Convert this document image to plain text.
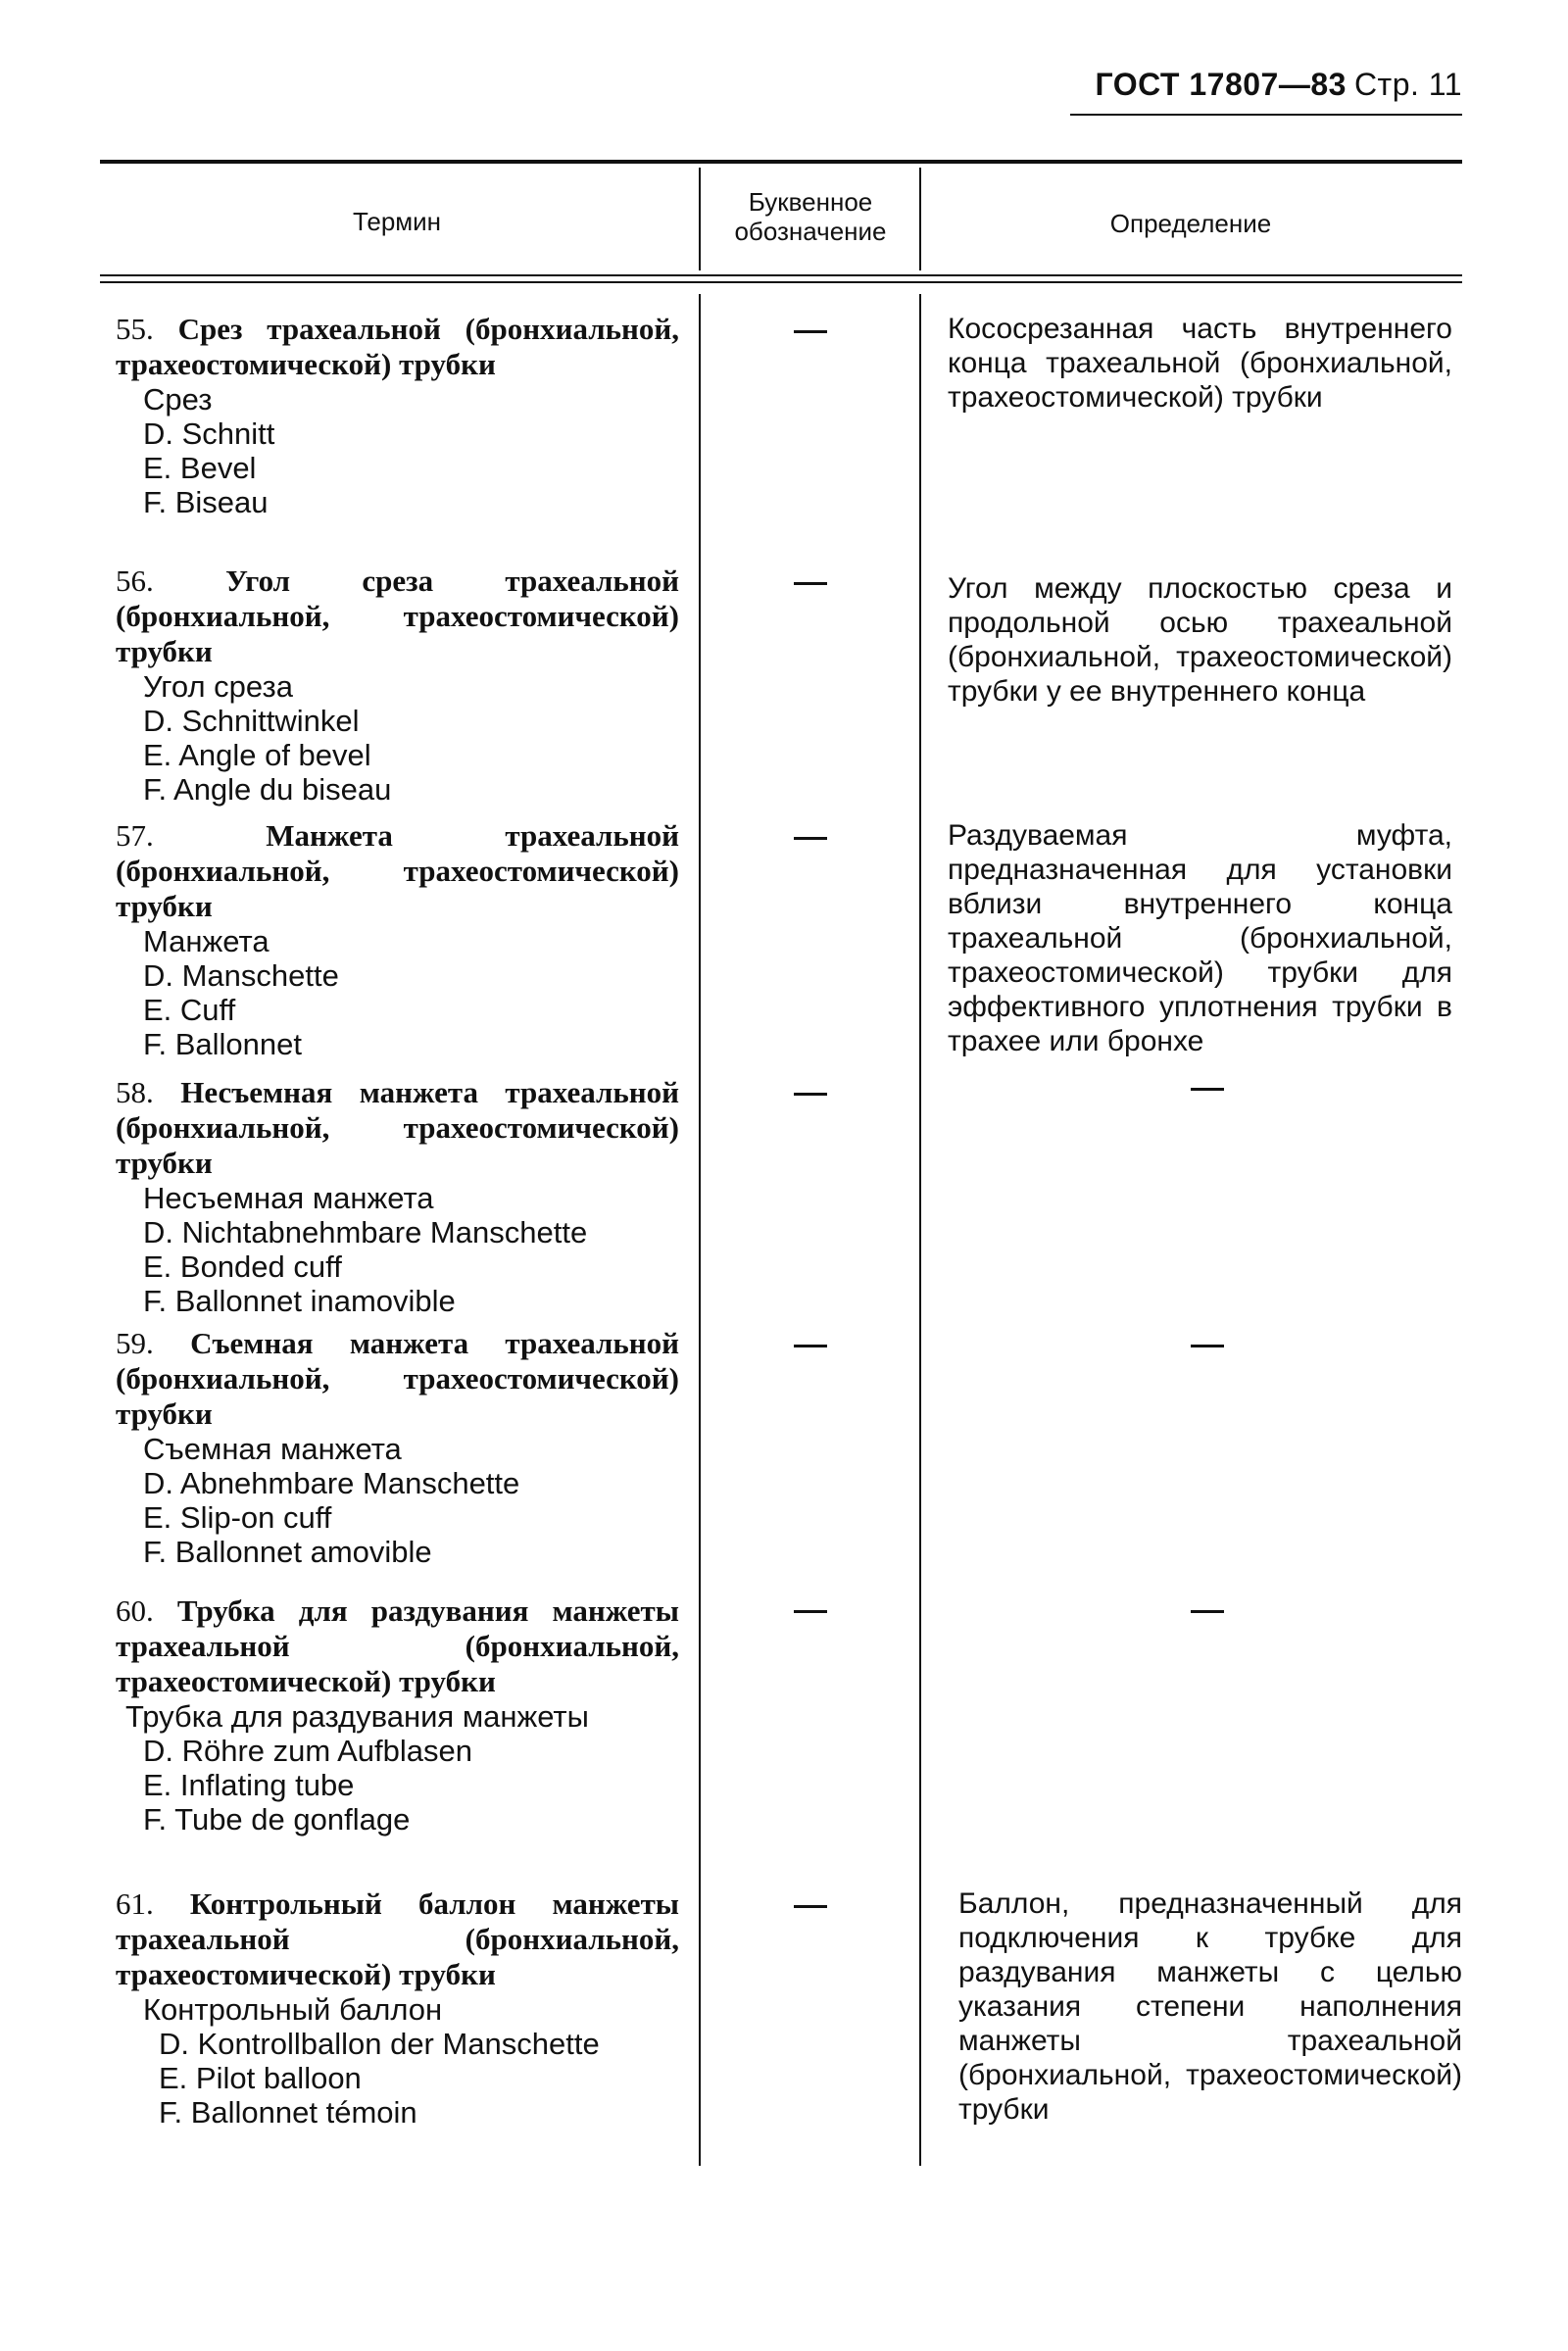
ГОСТ 17807—83 Стр. 11
Термин
Буквенное
обозначение	Определение
55. Срез трахеальной (бронхиальной, трахеостомической) трубки
Срез
D. Schnitt
E. Bevel
F. Biseau
Кососрезанная часть внутреннего конца трахеальной (бронхиальной, трахеостомической) трубки
56. Угол среза трахеальной (бронхиальной, трахеостомической) трубки
Угол среза
D. Schnittwinkel
E. Angle of bevel
F. Angle du biseau
Угол между плоскостью среза и продольной осью трахеальной (бронхиальной, трахеостомической) трубки у ее внутреннего конца
57.	Манжета трахеальной (бронхиальной, трахеостомической) трубки
Манжета
D. Manschette
E. Cuff
F. Ballonnet
Раздуваемая муфта, предназначенная для установки вблизи внутреннего конца трахеальной (бронхиальной, трахеостомической) трубки для эффективного уплотнения трубки в трахее или бронхе
58. Несъемная манжета трахеальной (бронхиальной, трахеостомической) трубки
Несъемная манжета
D. Nichtabnehmbare Manschette
E. Bonded cuff
F. Ballonnet inamovible
59. Съемная манжета трахеальной (бронхиальной, трахеостомической) трубки
Съемная манжета
D. Abnehmbare Manschette
E. Slip-on cuff
F. Ballonnet amovible
60. Трубка для раздувания манжеты трахеальной (бронхиальной, трахеостомической) трубки
Трубка для раздувания манжеты
D. Röhre zum Aufblasen
E. Inflating tube
F. Tube de gonflage
61. Контрольный баллон манжеты трахеальной (бронхиальной, трахеостомической) трубки
Контрольный баллон
D. Kontrollballon der Manschette
E. Pilot balloon
F. Ballonnet témoin
Баллон, предназначенный для подключения к трубке для раздувания манжеты с целью указания степени наполнения манжеты трахеальной (бронхиальной, трахеостомической) трубки
